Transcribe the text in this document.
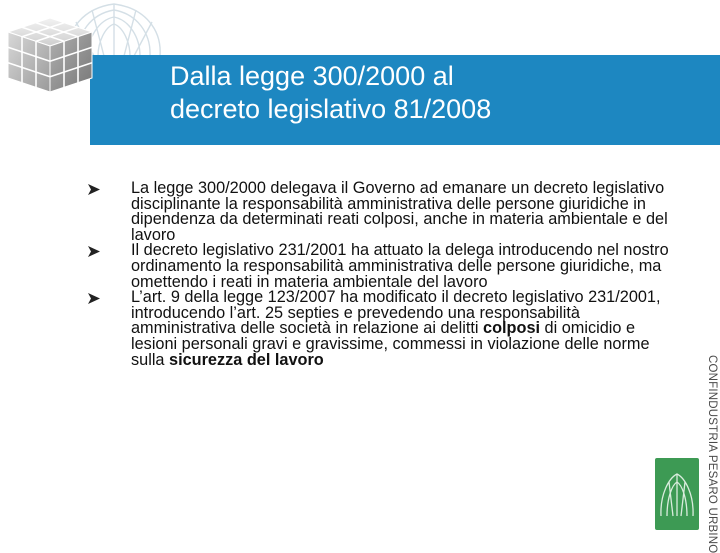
Dalla legge 300/2000 al
decreto legislativo 81/2008
La legge 300/2000 delegava il Governo ad emanare un decreto legislativo disciplinante la responsabilità amministrativa delle persone giuridiche in dipendenza da determinati reati colposi, anche in materia ambientale e del lavoro
Il decreto legislativo 231/2001 ha attuato la delega introducendo nel nostro ordinamento la responsabilità amministrativa delle persone giuridiche, ma omettendo i reati in materia ambientale del lavoro
L’art. 9 della legge 123/2007 ha modificato il decreto legislativo 231/2001, introducendo l’art. 25 septies e prevedendo una responsabilità amministrativa delle società in relazione ai delitti colposi di omicidio e lesioni personali gravi e gravissime, commessi in violazione delle norme sulla sicurezza del lavoro	CONFINDUSTRIA PESARO URBINO
